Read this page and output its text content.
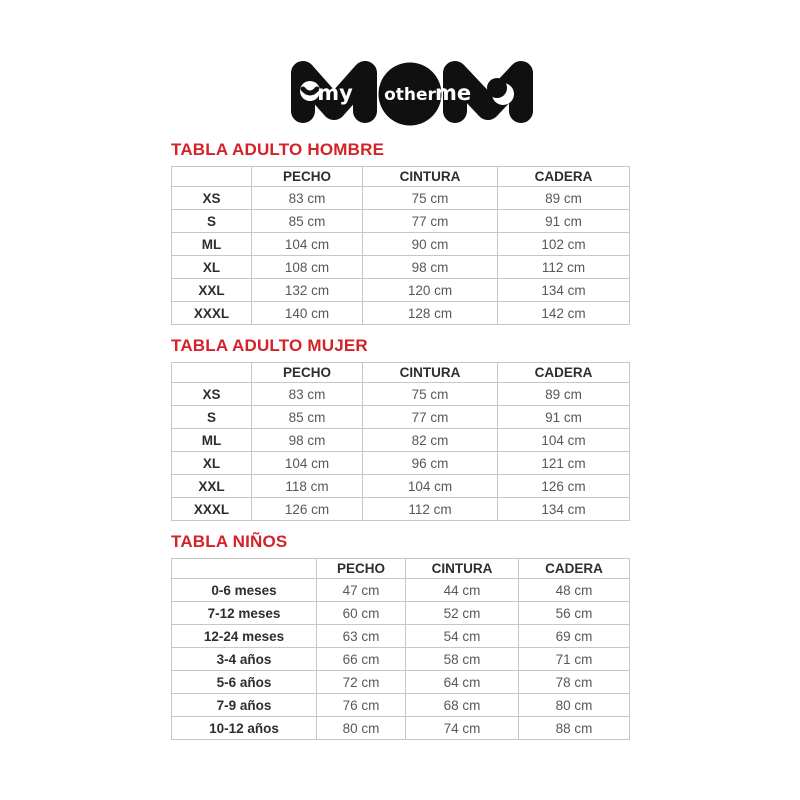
my other me
TABLA ADULTO HOMBRE
	PECHO	CINTURA	CADERA
XS	83 cm	75 cm	89 cm
S	85 cm	77 cm	91 cm
ML	104 cm	90 cm	102 cm
XL	108 cm	98 cm	112 cm
XXL	132 cm	120 cm	134 cm
XXXL	140 cm	128 cm	142 cm
TABLA ADULTO MUJER
	PECHO	CINTURA	CADERA
XS	83 cm	75 cm	89 cm
S	85 cm	77 cm	91 cm
ML	98 cm	82 cm	104 cm
XL	104 cm	96 cm	121 cm
XXL	118 cm	104 cm	126 cm
XXXL	126 cm	112 cm	134 cm
TABLA NIÑOS
	PECHO	CINTURA	CADERA
0-6 meses	47 cm	44 cm	48 cm
7-12 meses	60 cm	52 cm	56 cm
12-24 meses	63 cm	54 cm	69 cm
3-4 años	66 cm	58 cm	71 cm
5-6 años	72 cm	64 cm	78 cm
7-9 años	76 cm	68 cm	80 cm
10-12 años	80 cm	74 cm	88 cm
